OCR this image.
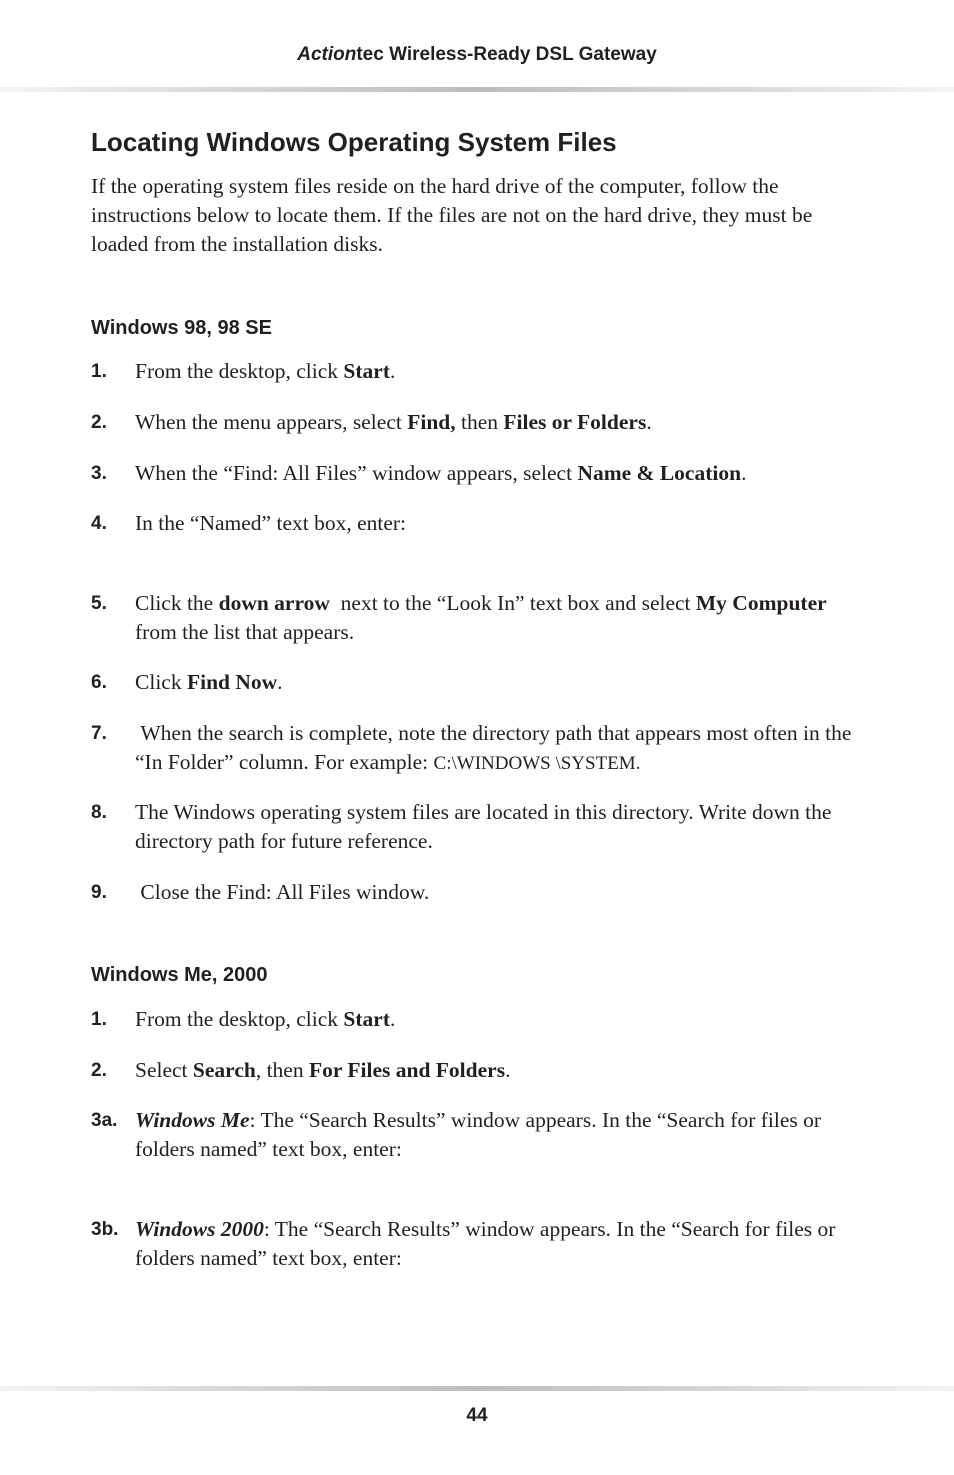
Actiontec Wireless-Ready DSL Gateway
Locating Windows Operating System Files
If the operating system files reside on the hard drive of the computer, follow the instructions below to locate them. If the files are not on the hard drive, they must be loaded from the installation disks.
Windows 98, 98 SE
1. From the desktop, click Start.
2. When the menu appears, select Find, then Files or Folders.
3. When the “Find: All Files” window appears, select Name & Location.
4. In the “Named” text box, enter:
5. Click the down arrow  next to the “Look In” text box and select My Computer from the list that appears.
6. Click Find Now.
7. When the search is complete, note the directory path that appears most often in the “In Folder” column. For example: C:\WINDOWS \SYSTEM.
8. The Windows operating system files are located in this directory. Write down the directory path for future reference.
9. Close the Find: All Files window.
Windows Me, 2000
1. From the desktop, click Start.
2. Select Search, then For Files and Folders.
3a. Windows Me: The “Search Results” window appears. In the “Search for files or folders named” text box, enter:
3b. Windows 2000: The “Search Results” window appears. In the “Search for files or folders named” text box, enter:
44
